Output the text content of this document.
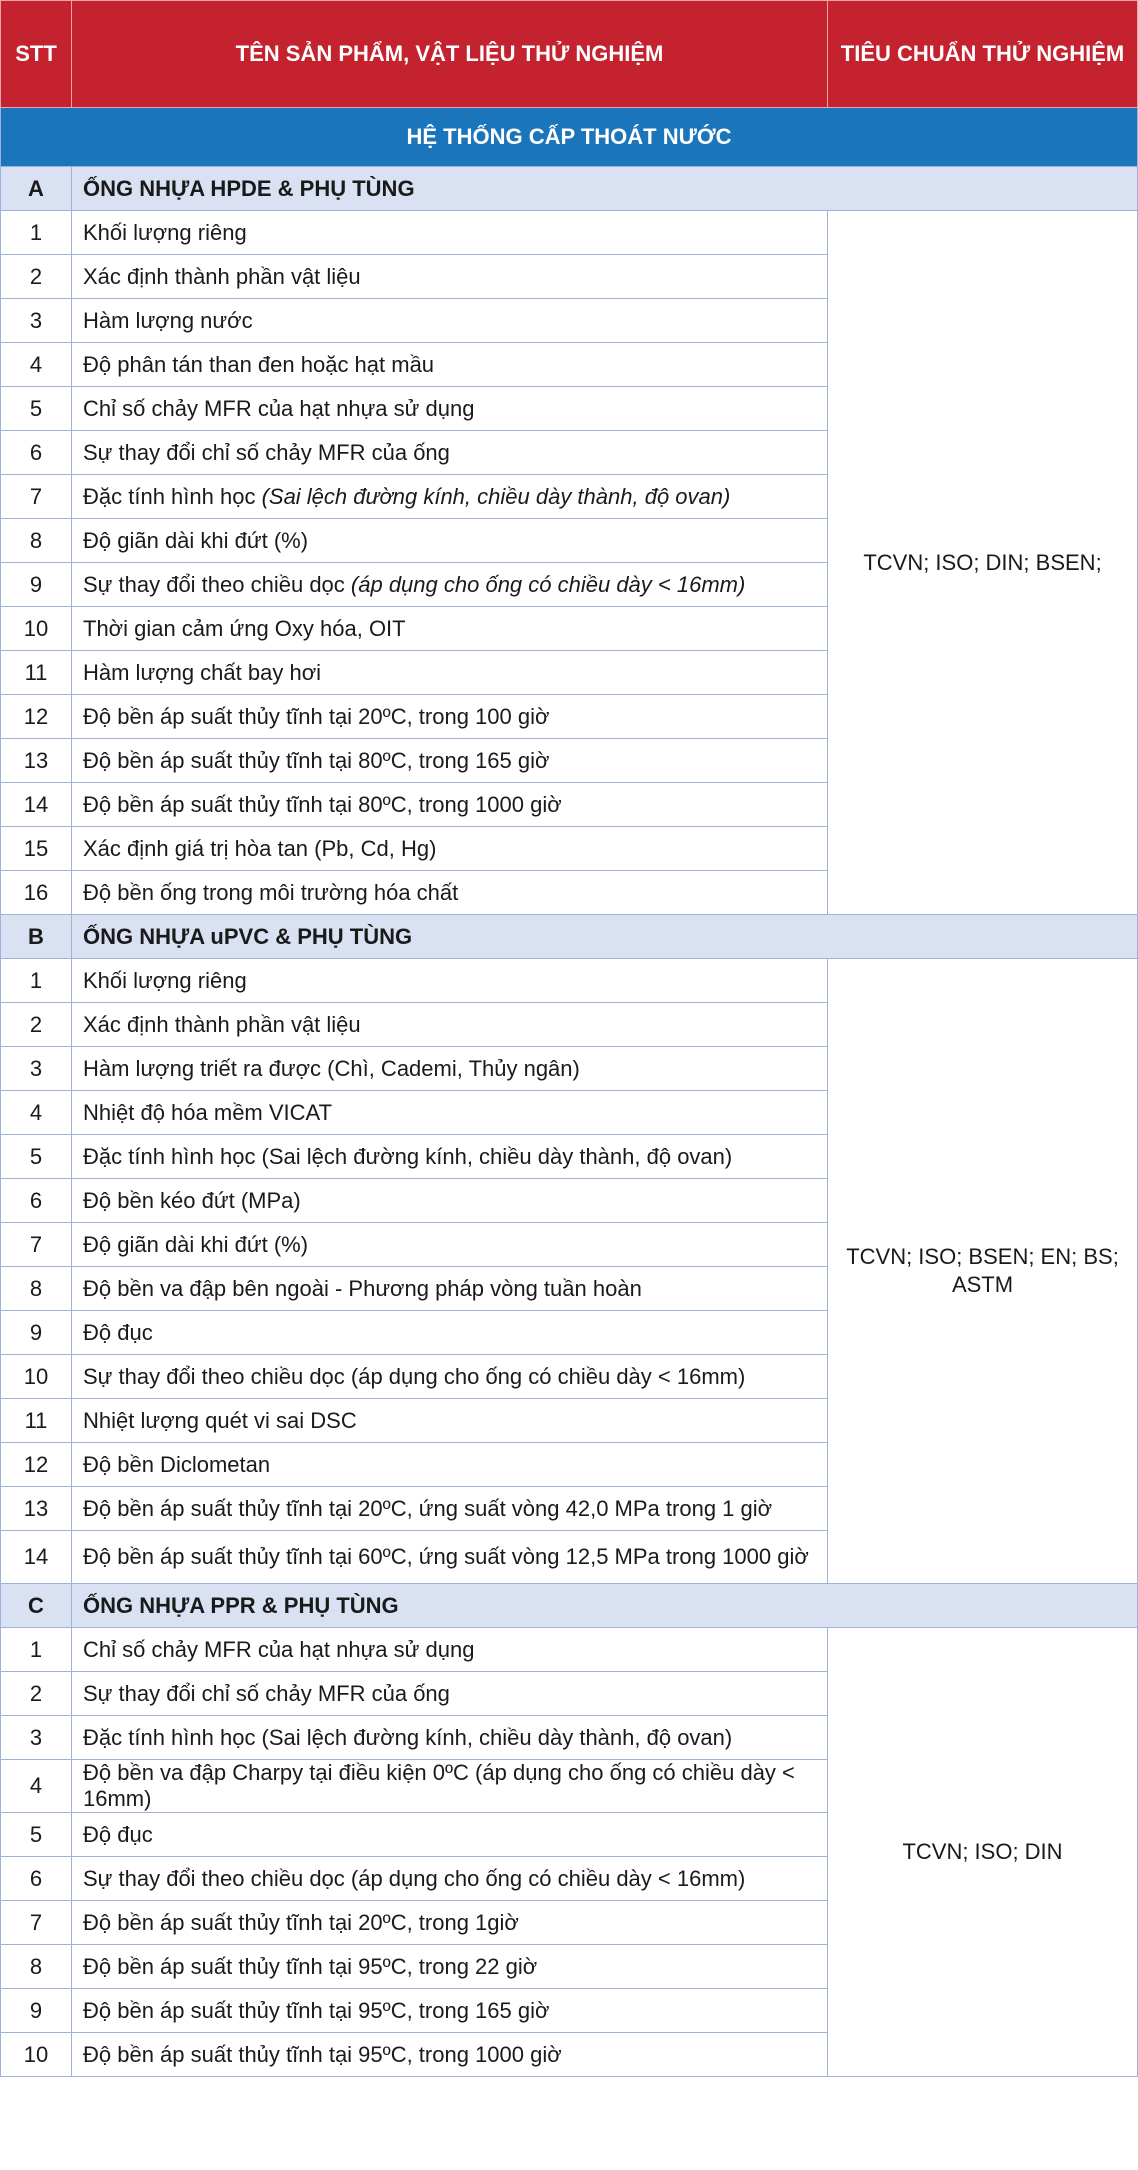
STT	TÊN SẢN PHẨM, VẬT LIỆU THỬ NGHIỆM	TIÊU CHUẨN THỬ NGHIỆM
HỆ THỐNG CẤP THOÁT NƯỚC		
A	ỐNG NHỰA HPDE & PHỤ TÙNG	
1	Khối lượng riêng	TCVN; ISO; DIN; BSEN;
2	Xác định thành phần vật liệu	
3	Hàm lượng nước	
4	Độ phân tán than đen hoặc hạt mầu	
5	Chỉ số chảy MFR của hạt nhựa sử dụng	
6	Sự thay đổi chỉ số chảy MFR của ống	
7	Đặc tính hình học (Sai lệch đường kính, chiều dày thành, độ ovan)	
8	Độ giãn dài khi đứt (%)	
9	Sự thay đổi theo chiều dọc (áp dụng cho ống có chiều dày < 16mm)	
10	Thời gian cảm ứng Oxy hóa, OIT	
11	Hàm lượng chất bay hơi	
12	Độ bền áp suất thủy tĩnh tại 20ºC, trong 100 giờ	
13	Độ bền áp suất thủy tĩnh tại 80ºC, trong 165 giờ	
14	Độ bền áp suất thủy tĩnh tại 80ºC, trong 1000 giờ	
15	Xác định giá trị hòa tan (Pb, Cd, Hg)	
16	Độ bền ống trong môi trường hóa chất	
B	ỐNG NHỰA uPVC & PHỤ TÙNG	
1	Khối lượng riêng	TCVN; ISO; BSEN; EN; BS; ASTM
2	Xác định thành phần vật liệu	
3	Hàm lượng triết ra được (Chì, Cademi, Thủy ngân)	
4	Nhiệt độ hóa mềm VICAT	
5	Đặc tính hình học (Sai lệch đường kính, chiều dày thành, độ ovan)	
6	Độ bền kéo đứt (MPa)	
7	Độ giãn dài khi đứt (%)	
8	Độ bền va đập bên ngoài - Phương pháp vòng tuần hoàn	
9	Độ đục	
10	Sự thay đổi theo chiều dọc (áp dụng cho ống có chiều dày < 16mm)	
11	Nhiệt lượng quét vi sai DSC	
12	Độ bền Diclometan	
13	Độ bền áp suất thủy tĩnh tại 20ºC, ứng suất vòng 42,0 MPa trong 1 giờ	
14	Độ bền áp suất thủy tĩnh tại 60ºC, ứng suất vòng 12,5 MPa trong 1000 giờ	
C	ỐNG NHỰA PPR & PHỤ TÙNG	
1	Chỉ số chảy MFR của hạt nhựa sử dụng	TCVN; ISO; DIN
2	Sự thay đổi chỉ số chảy MFR của ống	
3	Đặc tính hình học (Sai lệch đường kính, chiều dày thành, độ ovan)	
4	Độ bền va đập Charpy tại điều kiện 0ºC (áp dụng cho ống có chiều dày < 16mm)	
5	Độ đục	
6	Sự thay đổi theo chiều dọc (áp dụng cho ống có chiều dày < 16mm)	
7	Độ bền áp suất thủy tĩnh tại 20ºC, trong 1giờ	
8	Độ bền áp suất thủy tĩnh tại 95ºC, trong 22 giờ	
9	Độ bền áp suất thủy tĩnh tại 95ºC, trong 165 giờ	
10	Độ bền áp suất thủy tĩnh tại 95ºC, trong 1000 giờ	
